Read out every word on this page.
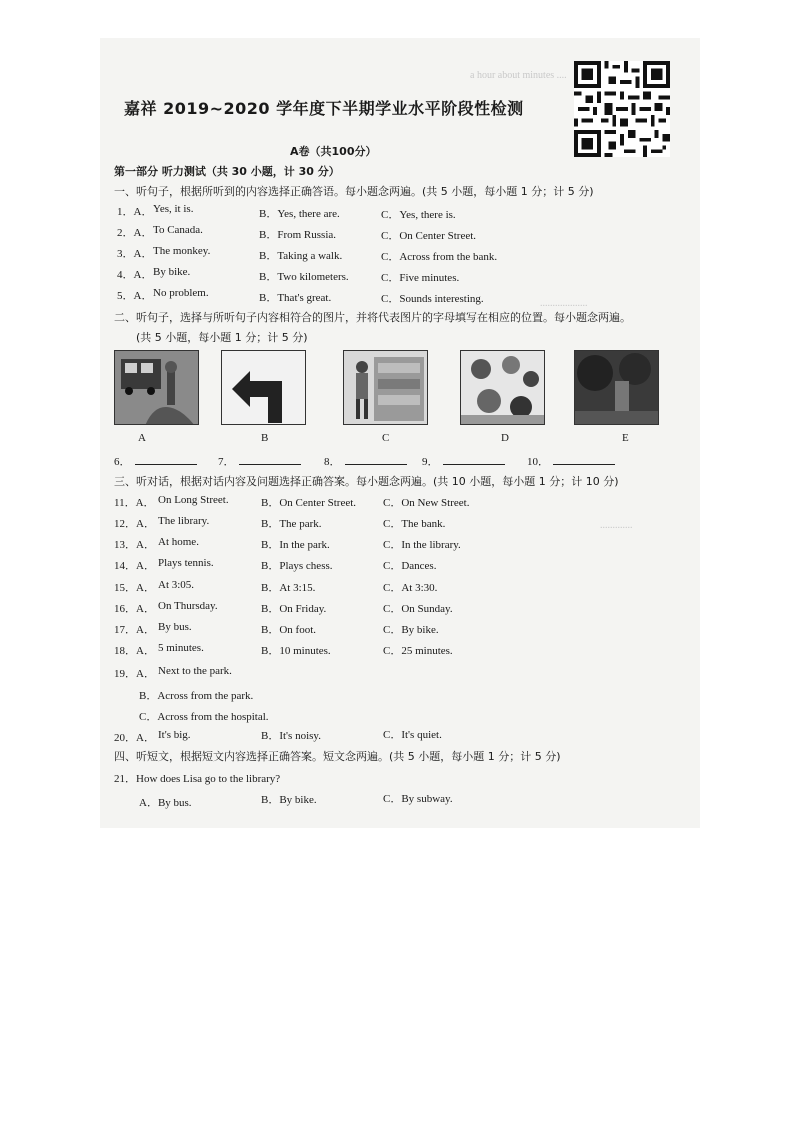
a hour about minutes ....
...................
.............
嘉祥 2019~2020 学年度下半期学业水平阶段性检测
A卷（共100分）
第一部分 听力测试（共 30 小题，计 30 分）
一、听句子，根据所听到的内容选择正确答语。每小题念两遍。(共 5 小题，每小题 1 分；计 5 分)
1．A． Yes, it is.	B．Yes, there are.	C．Yes, there is.
2．A． To Canada.	B．From Russia.	C．On Center Street.
3．A． The monkey.	B．Taking a walk.	C．Across from the bank.
4．A． By bike.	B．Two kilometers.	C．Five minutes.
5．A． No problem.	B．That's great.	C．Sounds interesting.
二、听句子，选择与所听句子内容相符合的图片，并将代表图片的字母填写在相应的位置。每小题念两遍。
(共 5 小题，每小题 1 分；计 5 分)
A	B	C	D	E
6．	7．	8．	9．	10．
三、听对话，根据对话内容及问题选择正确答案。每小题念两遍。(共 10 小题，每小题 1 分；计 10 分)
11．A． On Long Street.	B．On Center Street. C．On New Street.
12．A． The library.	B．The park.	C．The bank.
13．A． At home.	B．In the park.	C．In the library.
14．A． Plays tennis.	B．Plays chess.	C．Dances.
15．A． At 3:05.	B．At 3:15.	C．At 3:30.
16．A． On Thursday.	B．On Friday.	C．On Sunday.
17．A． By bus.	B．On foot.	C．By bike.
18．A． 5 minutes.	B．10 minutes.	C．25 minutes.
19．A． Next to the park.
B．Across from the park.
C．Across from the hospital.
20．A． It's big.	B．It's noisy.	C．It's quiet.
四、听短文，根据短文内容选择正确答案。短文念两遍。(共 5 小题，每小题 1 分；计 5 分)
21．How does Lisa go to the library?
A．By bus.	B．By bike.	C．By subway.
